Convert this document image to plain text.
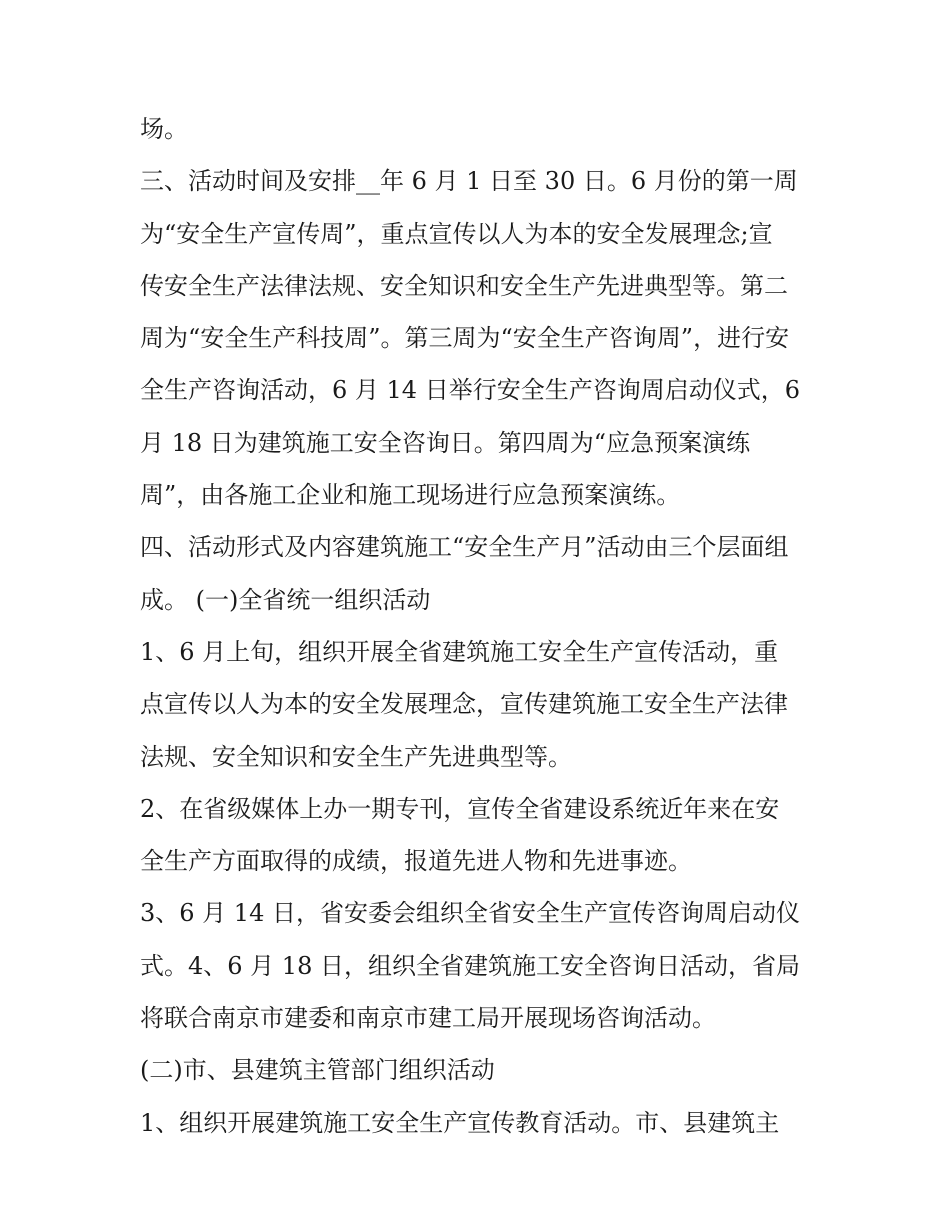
场。
三、活动时间及安排__年 6 月 1 日至 30 日。6 月份的第一周
为“安全生产宣传周”，重点宣传以人为本的安全发展理念;宣
传安全生产法律法规、安全知识和安全生产先进典型等。第二
周为“安全生产科技周”。第三周为“安全生产咨询周”，进行安
全生产咨询活动，6 月 14 日举行安全生产咨询周启动仪式，6
月 18 日为建筑施工安全咨询日。第四周为“应急预案演练
周”，由各施工企业和施工现场进行应急预案演练。
四、活动形式及内容建筑施工“安全生产月”活动由三个层面组
成。 (一)全省统一组织活动
1、6 月上旬，组织开展全省建筑施工安全生产宣传活动，重
点宣传以人为本的安全发展理念，宣传建筑施工安全生产法律
法规、安全知识和安全生产先进典型等。
2、在省级媒体上办一期专刊，宣传全省建设系统近年来在安
全生产方面取得的成绩，报道先进人物和先进事迹。
3、6 月 14 日，省安委会组织全省安全生产宣传咨询周启动仪
式。4、6 月 18 日，组织全省建筑施工安全咨询日活动，省局
将联合南京市建委和南京市建工局开展现场咨询活动。
(二)市、县建筑主管部门组织活动
1、组织开展建筑施工安全生产宣传教育活动。市、县建筑主
